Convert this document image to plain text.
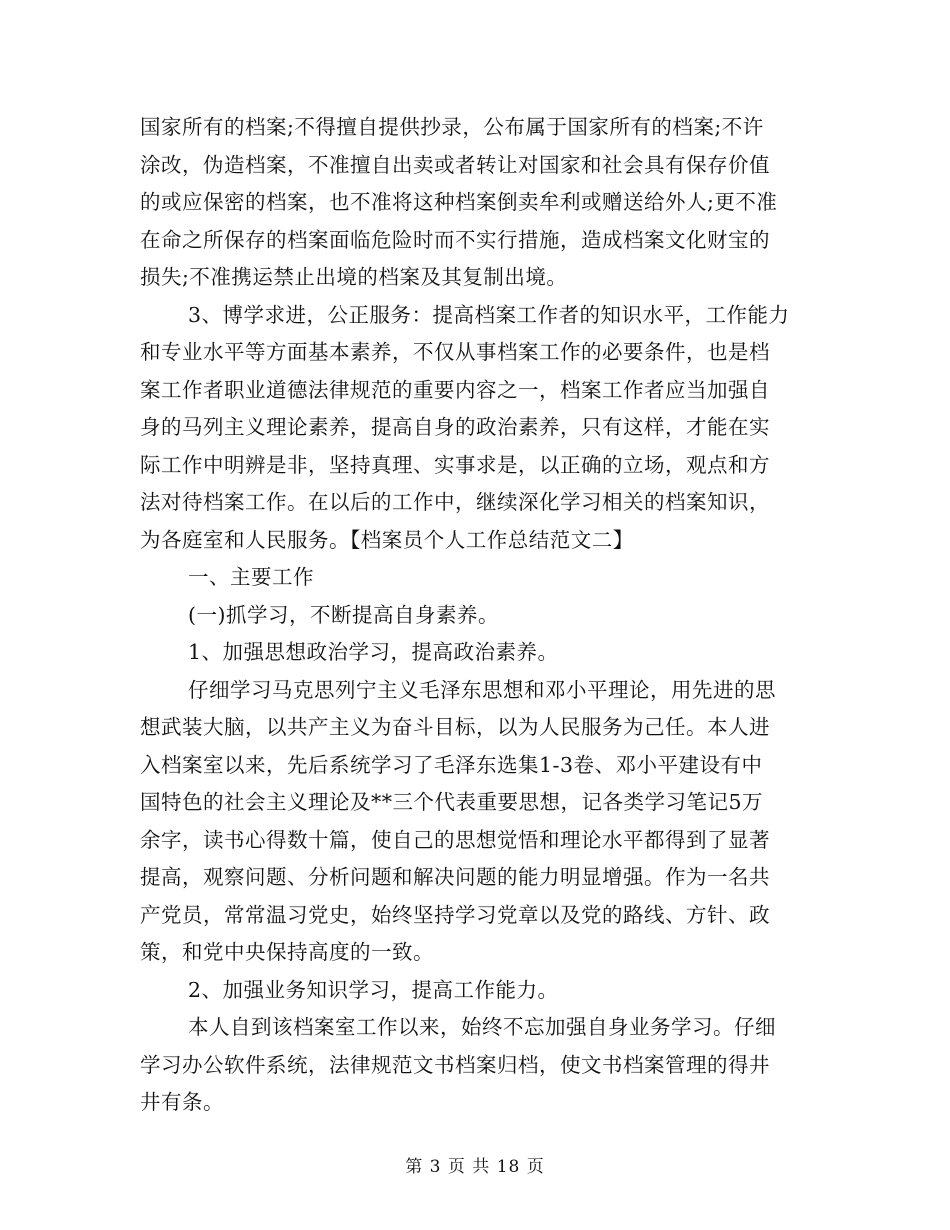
国家所有的档案;不得擅自提供抄录，公布属于国家所有的档案;不许
涂改，伪造档案，不准擅自出卖或者转让对国家和社会具有保存价值
的或应保密的档案，也不准将这种档案倒卖牟利或赠送给外人;更不准
在命之所保存的档案面临危险时而不实行措施，造成档案文化财宝的
损失;不准携运禁止出境的档案及其复制出境。
3、博学求进，公正服务：提高档案工作者的知识水平，工作能力
和专业水平等方面基本素养，不仅从事档案工作的必要条件，也是档
案工作者职业道德法律规范的重要内容之一，档案工作者应当加强自
身的马列主义理论素养，提高自身的政治素养，只有这样，才能在实
际工作中明辨是非，坚持真理、实事求是，以正确的立场，观点和方
法对待档案工作。在以后的工作中，继续深化学习相关的档案知识，
为各庭室和人民服务。【档案员个人工作总结范文二】
一、主要工作
(一)抓学习，不断提高自身素养。
1、加强思想政治学习，提高政治素养。
仔细学习马克思列宁主义毛泽东思想和邓小平理论，用先进的思
想武装大脑，以共产主义为奋斗目标，以为人民服务为己任。本人进
入档案室以来，先后系统学习了毛泽东选集1-3卷、邓小平建设有中
国特色的社会主义理论及**三个代表重要思想，记各类学习笔记5万
余字，读书心得数十篇，使自己的思想觉悟和理论水平都得到了显著
提高，观察问题、分析问题和解决问题的能力明显增强。作为一名共
产党员，常常温习党史，始终坚持学习党章以及党的路线、方针、政
策，和党中央保持高度的一致。
2、加强业务知识学习，提高工作能力。
本人自到该档案室工作以来，始终不忘加强自身业务学习。仔细
学习办公软件系统，法律规范文书档案归档，使文书档案管理的得井
井有条。
第 3 页 共 18 页
